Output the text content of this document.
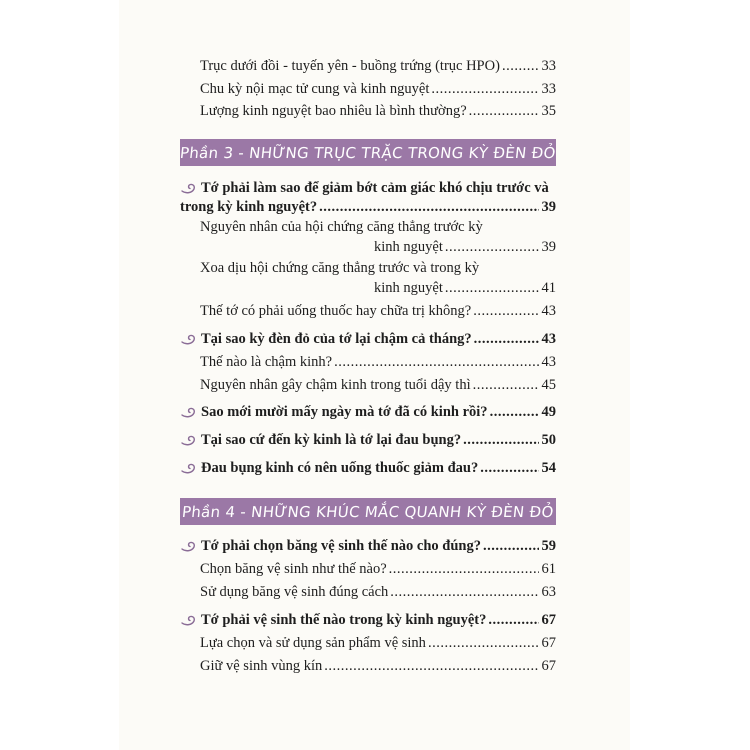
Trục dưới đồi - tuyến yên - buồng trứng (trục HPO) .....	33
Chu kỳ nội mạc tử cung và kinh nguyệt .....	33
Lượng kinh nguyệt bao nhiêu là bình thường? .....	35
Phần 3 - NHỮNG TRỤC TRẶC TRONG KỲ ĐÈN ĐỎ
Tớ phải làm sao để giảm bớt cảm giác khó chịu trước và
trong kỳ kinh nguyệt? .....	39
Nguyên nhân của hội chứng căng thẳng trước kỳ
kinh nguyệt .....	39
Xoa dịu hội chứng căng thẳng trước và trong kỳ
kinh nguyệt .....	41
Thế tớ có phải uống thuốc hay chữa trị không? .....	43
Tại sao kỳ đèn đỏ của tớ lại chậm cả tháng? .....	43
Thế nào là chậm kinh? .....	43
Nguyên nhân gây chậm kinh trong tuổi dậy thì .....	45
Sao mới mười mấy ngày mà tớ đã có kinh rồi? .....	49
Tại sao cứ đến kỳ kinh là tớ lại đau bụng? .....	50
Đau bụng kinh có nên uống thuốc giảm đau? .....	54
Phần 4 - NHỮNG KHÚC MẮC QUANH KỲ ĐÈN ĐỎ
Tớ phải chọn băng vệ sinh thế nào cho đúng? .....	59
Chọn băng vệ sinh như thế nào? .....	61
Sử dụng băng vệ sinh đúng cách .....	63
Tớ phải vệ sinh thế nào trong kỳ kinh nguyệt? .....	67
Lựa chọn và sử dụng sản phẩm vệ sinh .....	67
Giữ vệ sinh vùng kín .....	67
